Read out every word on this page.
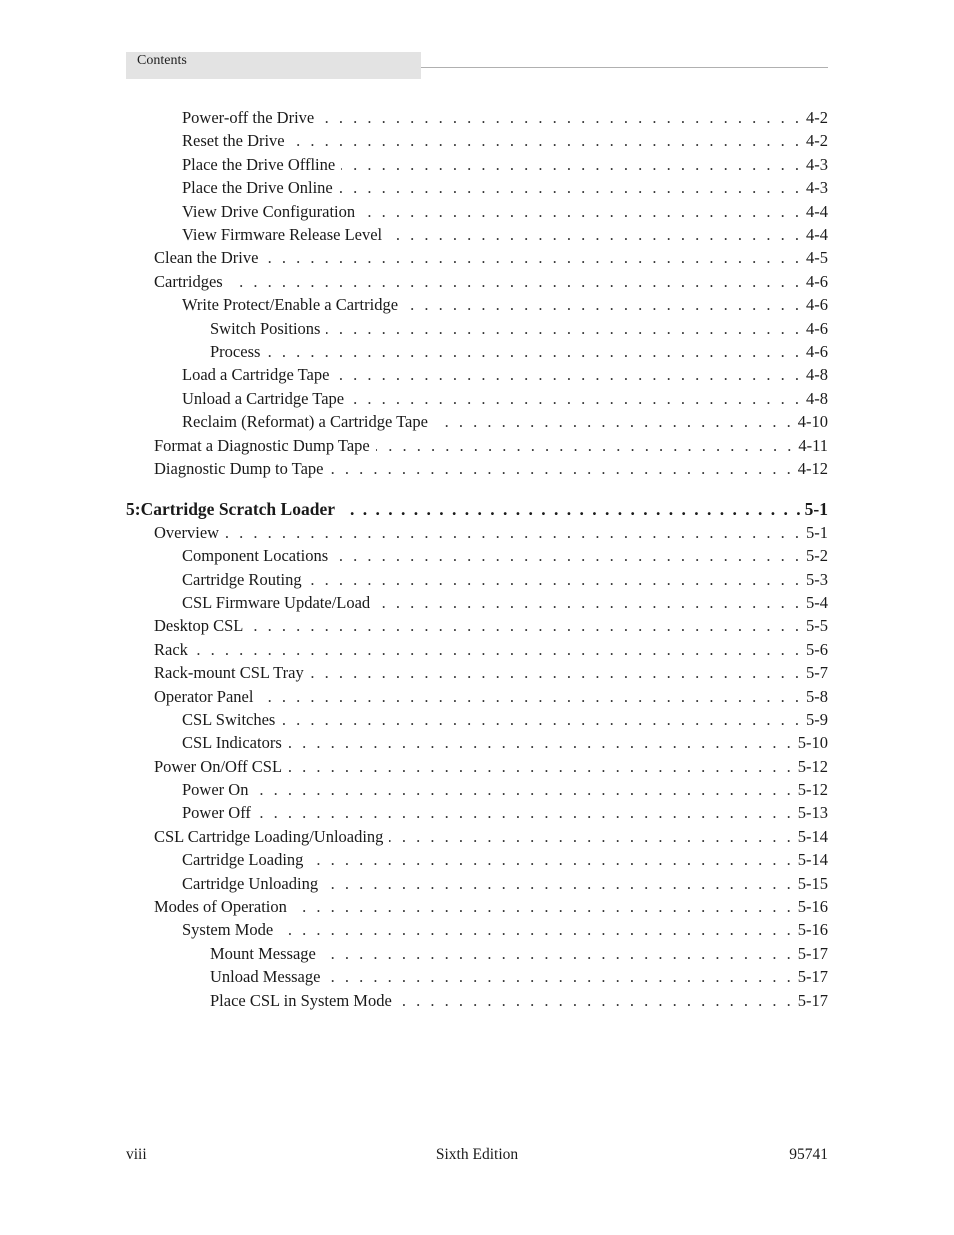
Contents
Power-off the Drive . . .	4-2
Reset the Drive . . .	4-2
Place the Drive Offline . . .	4-3
Place the Drive Online . . .	4-3
View Drive Configuration . . .	4-4
View Firmware Release Level . . .	4-4
Clean the Drive . . .	4-5
Cartridges . . .	4-6
Write Protect/Enable a Cartridge . . .	4-6
Switch Positions . . .	4-6
Process . . .	4-6
Load a Cartridge Tape . . .	4-8
Unload a Cartridge Tape . . .	4-8
Reclaim (Reformat) a Cartridge Tape . . .	4-10
Format a Diagnostic Dump Tape . . .	4-11
Diagnostic Dump to Tape . . .	4-12
5: Cartridge Scratch Loader . . .	5-1
Overview . . .	5-1
Component Locations . . .	5-2
Cartridge Routing . . .	5-3
CSL Firmware Update/Load . . .	5-4
Desktop CSL . . .	5-5
Rack . . .	5-6
Rack-mount CSL Tray . . .	5-7
Operator Panel . . .	5-8
CSL Switches . . .	5-9
CSL Indicators . . .	5-10
Power On/Off CSL . . .	5-12
Power On . . .	5-12
Power Off . . .	5-13
CSL Cartridge Loading/Unloading . . .	5-14
Cartridge Loading . . .	5-14
Cartridge Unloading . . .	5-15
Modes of Operation . . .	5-16
System Mode . . .	5-16
Mount Message . . .	5-17
Unload Message . . .	5-17
Place CSL in System Mode . . .	5-17
viii	Sixth Edition	95741
